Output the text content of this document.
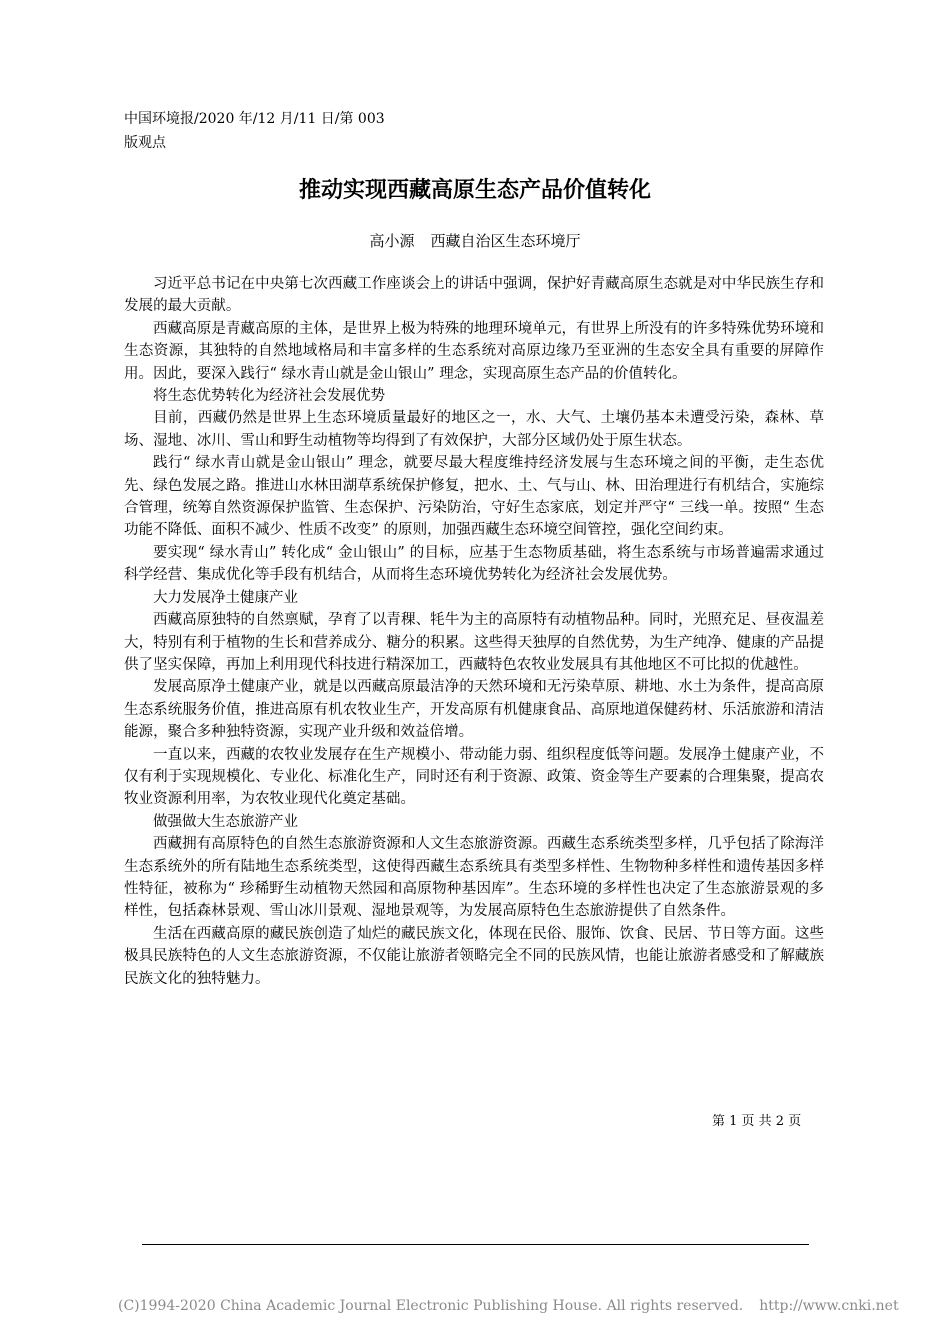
中国环境报/2020 年/12 月/11 日/第 003
版观点
推动实现西藏高原生态产品价值转化
高小源 西藏自治区生态环境厅

习近平总书记在中央第七次西藏工作座谈会上的讲话中强调，保护好青藏高原生态就是对中华民族生存和发展的最大贡献。

西藏高原是青藏高原的主体，是世界上极为特殊的地理环境单元，有世界上所没有的许多特殊优势环境和生态资源，其独特的自然地域格局和丰富多样的生态系统对高原边缘乃至亚洲的生态安全具有重要的屏障作用。因此，要深入践行“ 绿水青山就是金山银山” 理念，实现高原生态产品的价值转化。

将生态优势转化为经济社会发展优势

目前，西藏仍然是世界上生态环境质量最好的地区之一，水、大气、土壤仍基本未遭受污染，森林、草场、湿地、冰川、雪山和野生动植物等均得到了有效保护，大部分区域仍处于原生状态。

践行“ 绿水青山就是金山银山” 理念，就要尽最大程度维持经济发展与生态环境之间的平衡，走生态优先、绿色发展之路。推进山水林田湖草系统保护修复，把水、土、气与山、林、田治理进行有机结合，实施综合管理，统筹自然资源保护监管、生态保护、污染防治，守好生态家底，划定并严守“ 三线一单。按照“ 生态功能不降低、面积不减少、性质不改变” 的原则，加强西藏生态环境空间管控，强化空间约束。

要实现“ 绿水青山” 转化成“ 金山银山” 的目标，应基于生态物质基础，将生态系统与市场普遍需求通过科学经营、集成优化等手段有机结合，从而将生态环境优势转化为经济社会发展优势。

大力发展净土健康产业

西藏高原独特的自然禀赋，孕育了以青稞、牦牛为主的高原特有动植物品种。同时，光照充足、昼夜温差大，特别有利于植物的生长和营养成分、糖分的积累。这些得天独厚的自然优势，为生产纯净、健康的产品提供了坚实保障，再加上利用现代科技进行精深加工，西藏特色农牧业发展具有其他地区不可比拟的优越性。

发展高原净土健康产业，就是以西藏高原最洁净的天然环境和无污染草原、耕地、水土为条件，提高高原生态系统服务价值，推进高原有机农牧业生产，开发高原有机健康食品、高原地道保健药材、乐活旅游和清洁能源，聚合多种独特资源，实现产业升级和效益倍增。

一直以来，西藏的农牧业发展存在生产规模小、带动能力弱、组织程度低等问题。发展净土健康产业，不仅有利于实现规模化、专业化、标准化生产，同时还有利于资源、政策、资金等生产要素的合理集聚，提高农牧业资源利用率，为农牧业现代化奠定基础。

做强做大生态旅游产业

西藏拥有高原特色的自然生态旅游资源和人文生态旅游资源。西藏生态系统类型多样，几乎包括了除海洋生态系统外的所有陆地生态系统类型，这使得西藏生态系统具有类型多样性、生物物种多样性和遗传基因多样性特征，被称为“ 珍稀野生动植物天然园和高原物种基因库”。生态环境的多样性也决定了生态旅游景观的多样性，包括森林景观、雪山冰川景观、湿地景观等，为发展高原特色生态旅游提供了自然条件。

生活在西藏高原的藏民族创造了灿烂的藏民族文化，体现在民俗、服饰、饮食、民居、节日等方面。这些极具民族特色的人文生态旅游资源，不仅能让旅游者领略完全不同的民族风情，也能让旅游者感受和了解藏族民族文化的独特魅力。

第 1 页 共 2 页
(C)1994-2020 China Academic Journal Electronic Publishing House. All rights reserved. http://www.cnki.net
